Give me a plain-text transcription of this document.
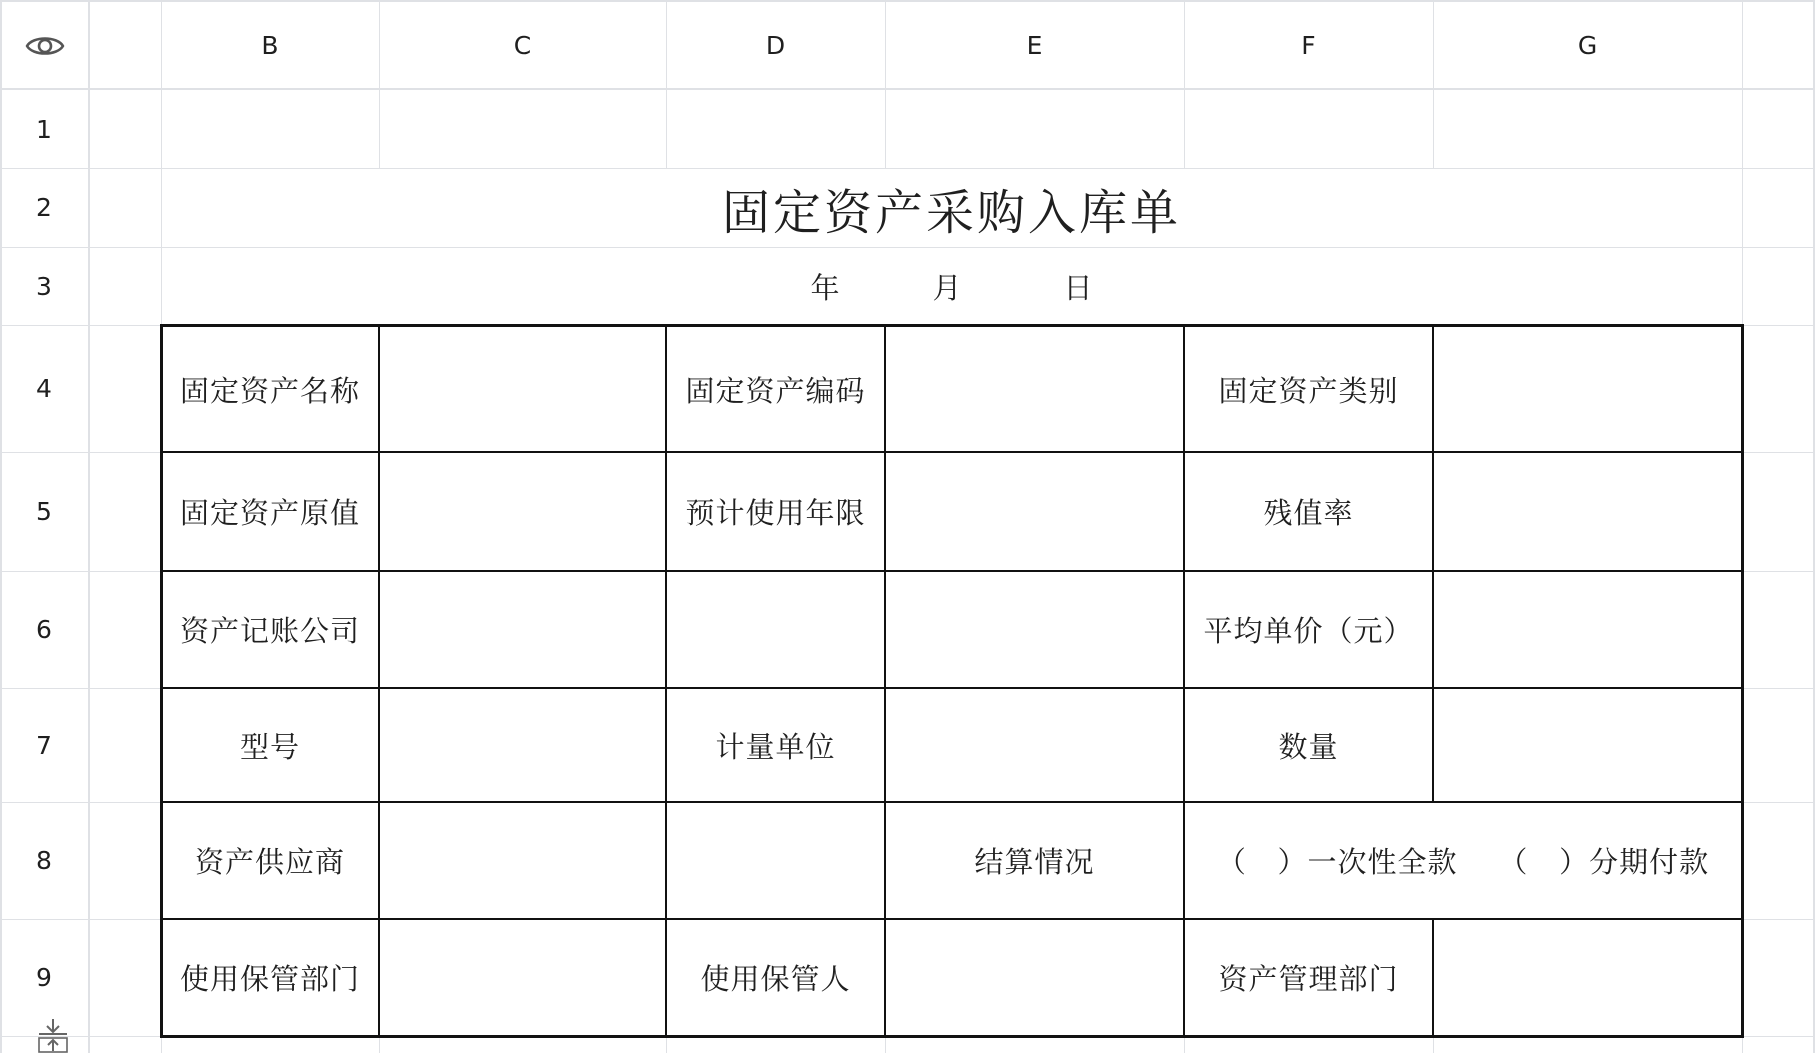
B	C	D	E	F	G
1
2
3
4
5
6
7
8
9
固定资产采购入库单
年	月	日
固定资产名称	固定资产编码	固定资产类别
固定资产原值	预计使用年限	残值率
资产记账公司	平均单价（元）
型号	计量单位	数量
资产供应商	结算情况	（   ）一次性全款    （   ）分期付款
使用保管部门	使用保管人	资产管理部门
